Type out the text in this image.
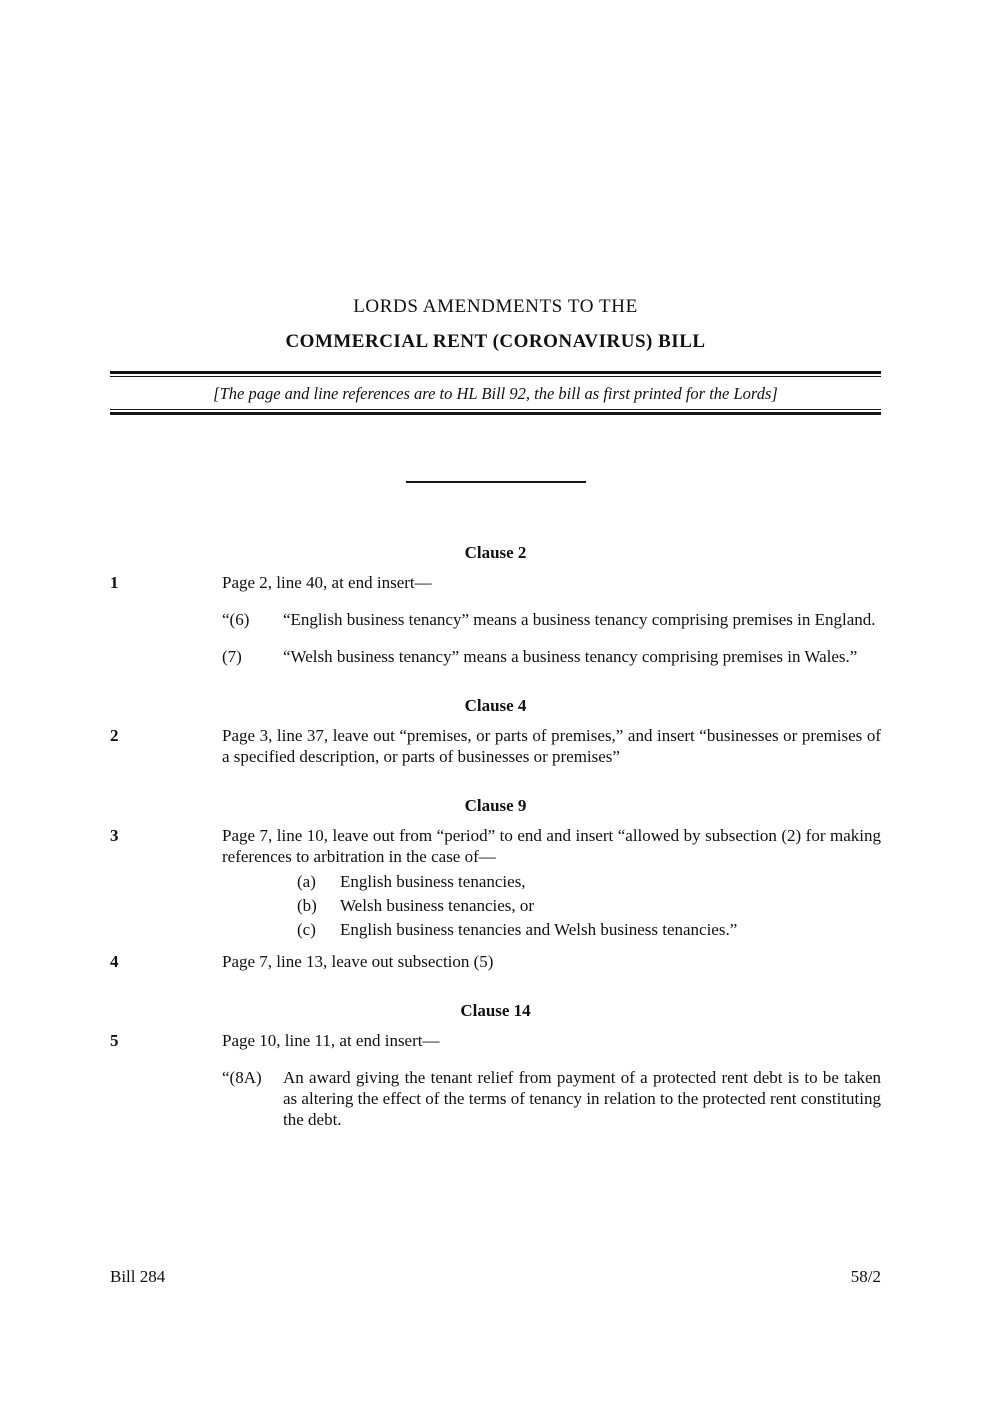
LORDS AMENDMENTS TO THE
COMMERCIAL RENT (CORONAVIRUS) BILL
[The page and line references are to HL Bill 92, the bill as first printed for the Lords]
Clause 2
1	Page 2, line 40, at end insert—

“(6) “English business tenancy” means a business tenancy comprising premises in England.
(7) “Welsh business tenancy” means a business tenancy comprising premises in Wales.”
Clause 4
2	Page 3, line 37, leave out “premises, or parts of premises,” and insert “businesses or premises of a specified description, or parts of businesses or premises”

Clause 9
3	Page 7, line 10, leave out from “period” to end and insert “allowed by subsection (2) for making references to arbitration in the case of—

(a) English business tenancies,
(b) Welsh business tenancies, or
(c) English business tenancies and Welsh business tenancies.”
4	Page 7, line 13, leave out subsection (5)

Clause 14
5	Page 10, line 11, at end insert—

“(8A) An award giving the tenant relief from payment of a protected rent debt is to be taken as altering the effect of the terms of tenancy in relation to the protected rent constituting the debt.
Bill 284	58/2
